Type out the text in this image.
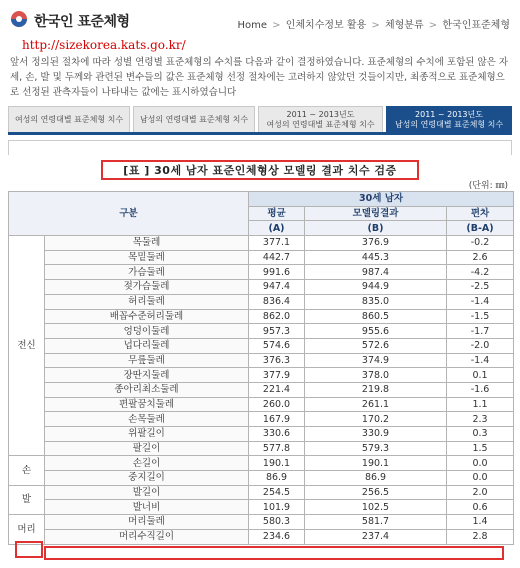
한국인 표준체형	Home > 인체치수정보 활용 > 체형분류 > 한국인표준체형
http://sizekorea.kats.go.kr/
앞서 정의된 절차에 따라 성별 연령별 표준체형의 수치를 다음과 같이 결정하였습니다. 표준체형의 수치에 포함된 않은 자세, 손, 발 및 두께와 관련된 변수들의 값은 표준체형 선정 절차에는 고려하지 않았던 것들이지만, 최종적으로 표준체형으로 선정된 관측자들이 나타내는 값에는 표시하였습니다
여성의 연령대별 표준체형 치수	남성의 연령대별 표준체형 치수
2011 ~ 2013년도
여성의 연령대별 표준체형 치수
2011 ~ 2013년도
남성의 연령대별 표준체형 치수
[표 ] 30세 남자 표준인체형상 모델링 결과 치수 검증
(단위: ㎜)
구분		30세 남자		
		평균	모델링결과	편차
		(A)	(B)	(B-A)
전신	목둘레	377.1	376.9	-0.2
	목밑둘레	442.7	445.3	2.6
	가슴둘레	991.6	987.4	-4.2
	젖가슴둘레	947.4	944.9	-2.5
	허리둘레	836.4	835.0	-1.4
	배꼽수준허리둘레	862.0	860.5	-1.5
	엉덩이둘레	957.3	955.6	-1.7
	넙다리둘레	574.6	572.6	-2.0
	무릎둘레	376.3	374.9	-1.4
	장딴지둘레	377.9	378.0	0.1
	종아리최소둘레	221.4	219.8	-1.6
	편팔꿈치둘레	260.0	261.1	1.1
	손목둘레	167.9	170.2	2.3
	위팔길이	330.6	330.9	0.3
	팔길이	577.8	579.3	1.5
손	손길이	190.1	190.1	0.0
	중지길이	86.9	86.9	0.0
발	발길이	254.5	256.5	2.0
	발너비	101.9	102.5	0.6
머리	머리둘레	580.3	581.7	1.4
	머리수직길이	234.6	237.4	2.8
